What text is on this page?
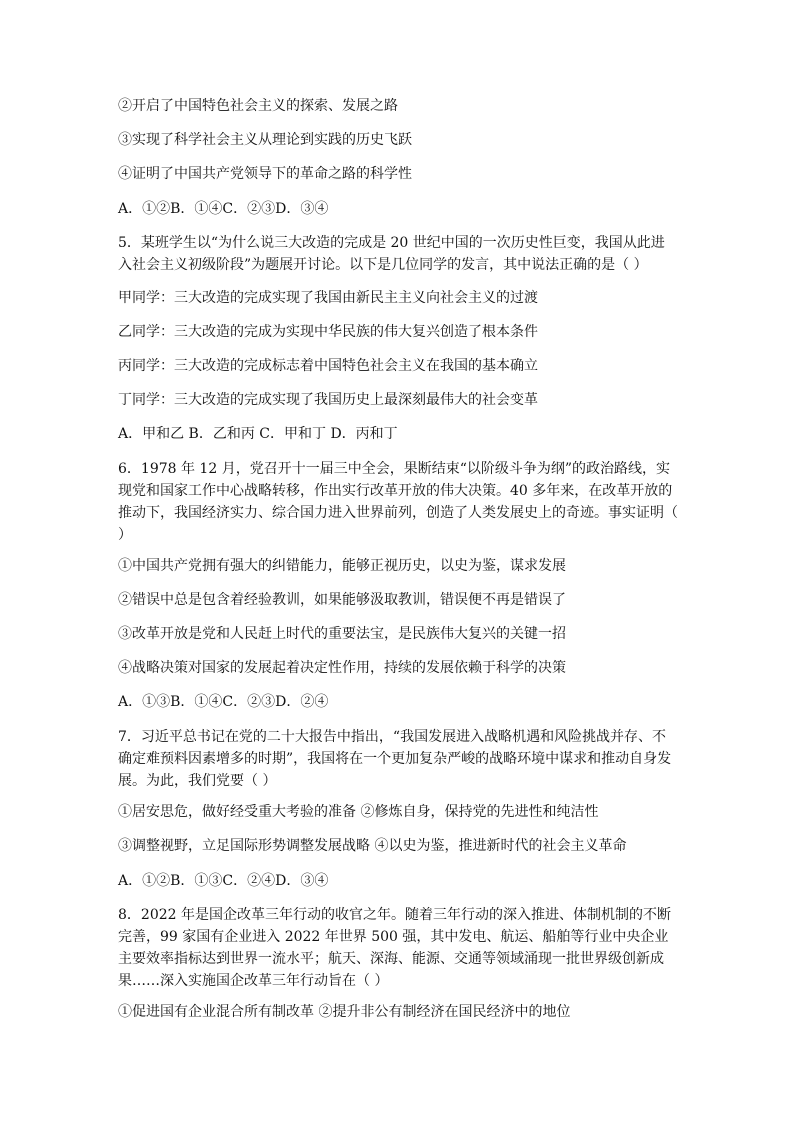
②开启了中国特色社会主义的探索、发展之路
③实现了科学社会主义从理论到实践的历史飞跃
④证明了中国共产党领导下的革命之路的科学性
A．①②B．①④C．②③D．③④
5．某班学生以“为什么说三大改造的完成是 20 世纪中国的一次历史性巨变，我国从此进入社会主义初级阶段”为题展开讨论。以下是几位同学的发言，其中说法正确的是（ ）
甲同学：三大改造的完成实现了我国由新民主主义向社会主义的过渡
乙同学：三大改造的完成为实现中华民族的伟大复兴创造了根本条件
丙同学：三大改造的完成标志着中国特色社会主义在我国的基本确立
丁同学：三大改造的完成实现了我国历史上最深刻最伟大的社会变革
A．甲和乙 B．乙和丙 C．甲和丁 D．丙和丁
6．1978 年 12 月，党召开十一届三中全会，果断结束“以阶级斗争为纲”的政治路线，实现党和国家工作中心战略转移，作出实行改革开放的伟大决策。40 多年来，在改革开放的推动下，我国经济实力、综合国力进入世界前列，创造了人类发展史上的奇迹。事实证明（ ）
①中国共产党拥有强大的纠错能力，能够正视历史，以史为鉴，谋求发展
②错误中总是包含着经验教训，如果能够汲取教训，错误便不再是错误了
③改革开放是党和人民赶上时代的重要法宝，是民族伟大复兴的关键一招
④战略决策对国家的发展起着决定性作用，持续的发展依赖于科学的决策
A．①③B．①④C．②③D．②④
7．习近平总书记在党的二十大报告中指出，“我国发展进入战略机遇和风险挑战并存、不确定难预料因素增多的时期”，我国将在一个更加复杂严峻的战略环境中谋求和推动自身发展。为此，我们党要（ ）
①居安思危，做好经受重大考验的准备 ②修炼自身，保持党的先进性和纯洁性
③调整视野，立足国际形势调整发展战略 ④以史为鉴，推进新时代的社会主义革命
A．①②B．①③C．②④D．③④
8．2022 年是国企改革三年行动的收官之年。随着三年行动的深入推进、体制机制的不断完善，99 家国有企业进入 2022 年世界 500 强，其中发电、航运、船舶等行业中央企业主要效率指标达到世界一流水平；航天、深海、能源、交通等领域涌现一批世界级创新成果……深入实施国企改革三年行动旨在（ ）
①促进国有企业混合所有制改革 ②提升非公有制经济在国民经济中的地位
